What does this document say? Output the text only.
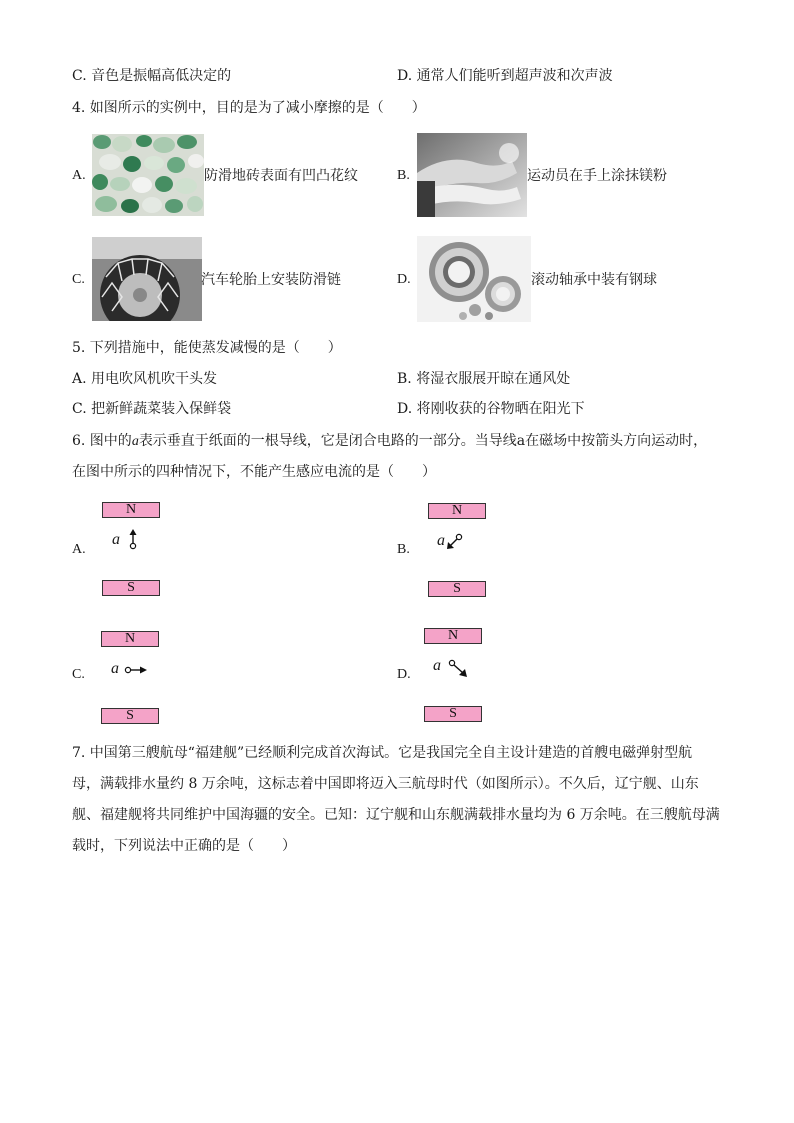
C. 音色是振幅高低决定的	D. 通常人们能听到超声波和次声波
4. 如图所示的实例中，目的是为了减小摩擦的是（　　）
A.	防滑地砖表面有凹凸花纹	B.	运动员在手上涂抹镁粉
C.	汽车轮胎上安装防滑链	D.	滚动轴承中装有钢球
5. 下列措施中，能使蒸发减慢的是（　　）
A. 用电吹风机吹干头发	B. 将湿衣服展开晾在通风处
C. 把新鲜蔬菜装入保鲜袋	D. 将刚收获的谷物晒在阳光下
6. 图中的a表示垂直于纸面的一根导线，它是闭合电路的一部分。当导线a在磁场中按箭头方向运动时，
在图中所示的四种情况下，不能产生感应电流的是（　　）
A.
N
a
S
B.
N
a
S
C.
N
a
S
D.
N
a
S
7. 中国第三艘航母“福建舰”已经顺利完成首次海试。它是我国完全自主设计建造的首艘电磁弹射型航
母，满载排水量约 8 万余吨，这标志着中国即将迈入三航母时代（如图所示）。不久后，辽宁舰、山东
舰、福建舰将共同维护中国海疆的安全。已知：辽宁舰和山东舰满载排水量均为 6 万余吨。在三艘航母满
载时，下列说法中正确的是（　　）
